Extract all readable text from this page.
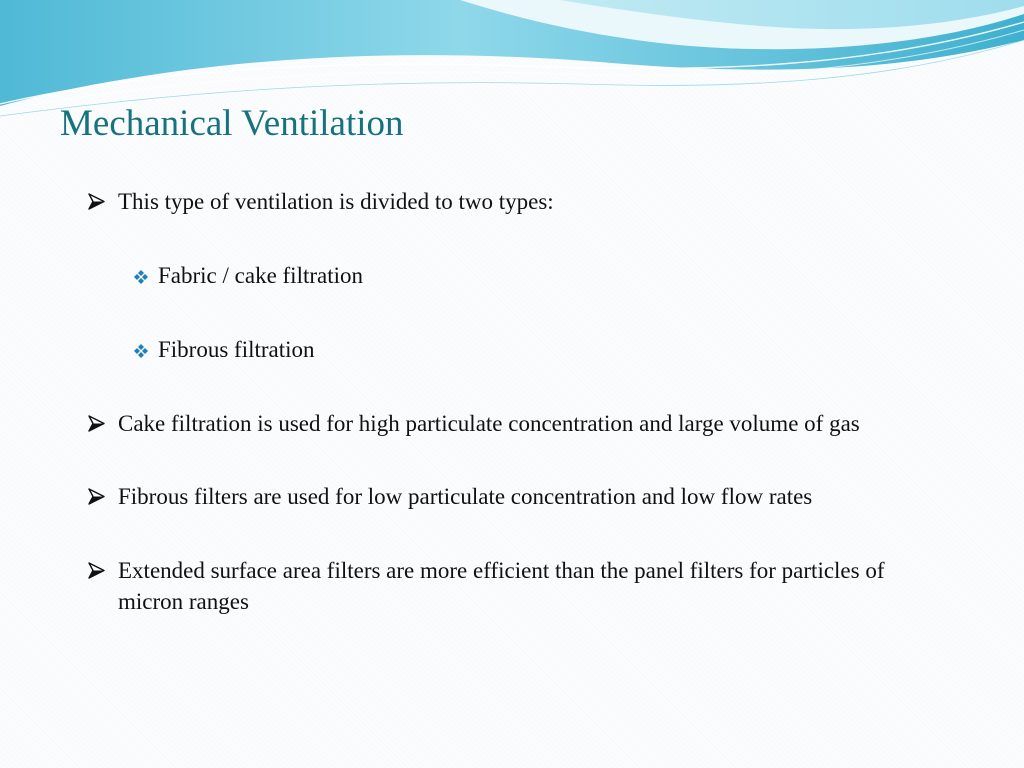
Mechanical Ventilation
This type of ventilation is divided to two types:
Fabric / cake filtration
Fibrous filtration
Cake filtration is used for high particulate concentration and large volume of gas
Fibrous filters are used for low particulate concentration and low flow rates
Extended surface area filters are more efficient than the panel filters for particles of micron ranges
